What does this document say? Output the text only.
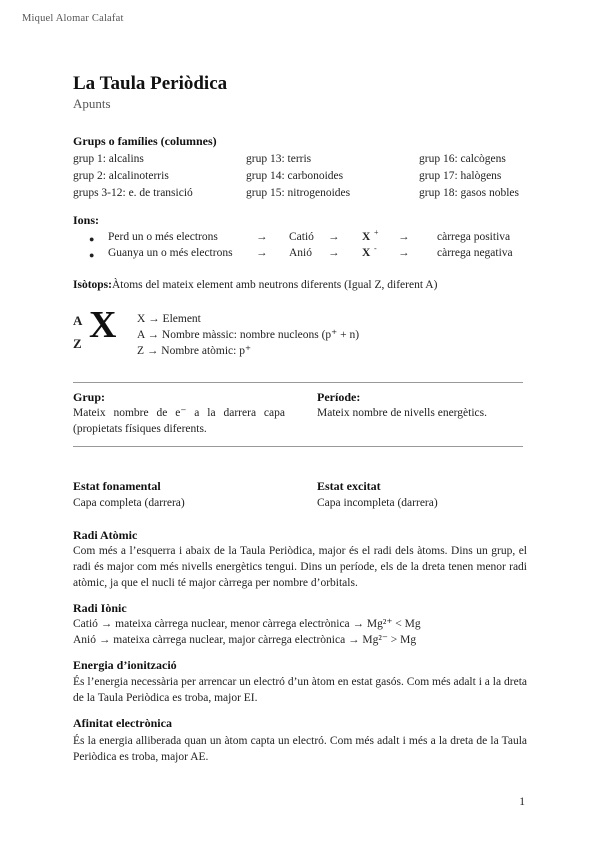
Miquel Alomar Calafat
La Taula Periòdica
Apunts
Grups o famílies (columnes)
grup 1: alcalins	grup 13: terris	grup 16: calcògens
grup 2: alcalinoterris	grup 14: carbonoides	grup 17: halògens
grups 3-12: e. de transició	grup 15: nitrogenoides	grup 18: gasos nobles
Ions:
● Perd un o més electrons	→ Catió → X + → càrrega positiva
● Guanya un o més electrons → Anió → X - → càrrega negativa
Isòtops:Àtoms del mateix element amb neutrons diferents (Igual Z, diferent A)
A X
Z
X → Element
A → Nombre màssic: nombre nucleons (p⁺ + n)
Z → Nombre atòmic: p⁺
Grup:
Mateix nombre de e⁻ a la darrera capa (propietats físiques diferents.
Període:
Mateix nombre de nivells energètics.
Estat fonamental
Capa completa (darrera)
Estat excitat
Capa incompleta (darrera)
Radi Atòmic
Com més a l’esquerra i abaix de la Taula Periòdica, major és el radi dels àtoms. Dins un grup, el radi és major com més nivells energètics tengui. Dins un període, els de la dreta tenen menor radi atòmic, ja que el nucli té major càrrega per nombre d’orbitals.
Radi Iònic
Catió → mateixa càrrega nuclear, menor càrrega electrònica → Mg²⁺ < Mg
Anió → mateixa càrrega nuclear, major càrrega electrònica → Mg²⁻ > Mg
Energia d’ionització
És l’energia necessària per arrencar un electró d’un àtom en estat gasós. Com més adalt i a la dreta de la Taula Periòdica es troba, major EI.
Afinitat electrònica
És la energia alliberada quan un àtom capta un electró. Com més adalt i més a la dreta de la Taula Periòdica es troba, major AE.
1
